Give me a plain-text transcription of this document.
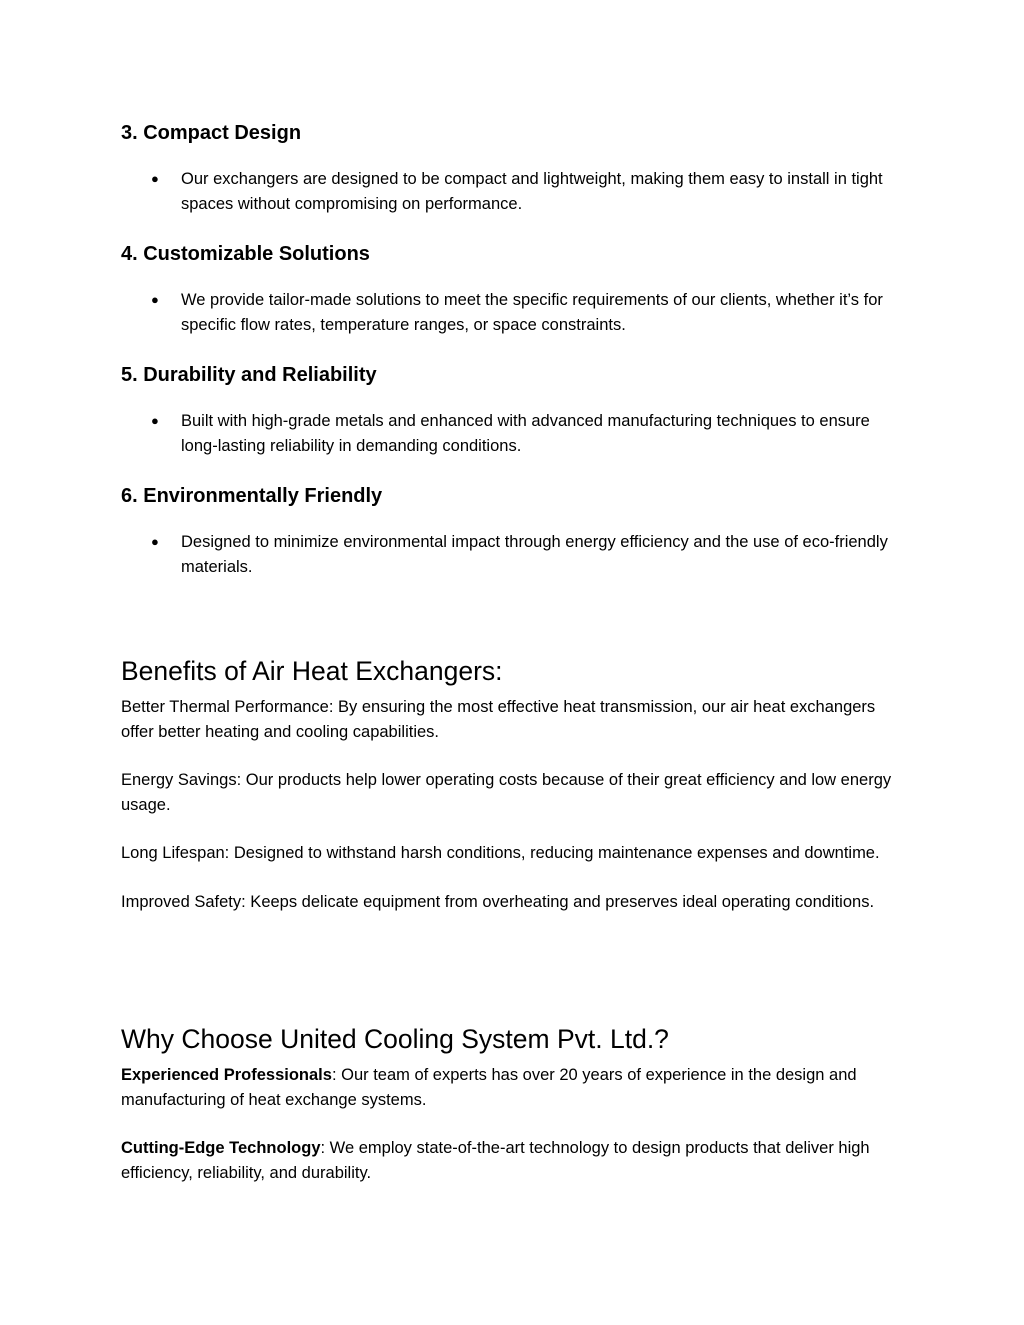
3. Compact Design
● Our exchangers are designed to be compact and lightweight, making them easy to install in tight spaces without compromising on performance.
4. Customizable Solutions
● We provide tailor-made solutions to meet the specific requirements of our clients, whether it’s for specific flow rates, temperature ranges, or space constraints.
5. Durability and Reliability
● Built with high-grade metals and enhanced with advanced manufacturing techniques to ensure long-lasting reliability in demanding conditions.
6. Environmentally Friendly
● Designed to minimize environmental impact through energy efficiency and the use of eco-friendly materials.
Benefits of Air Heat Exchangers:

Better Thermal Performance: By ensuring the most effective heat transmission, our air heat exchangers offer better heating and cooling capabilities.

Energy Savings: Our products help lower operating costs because of their great efficiency and low energy usage.

Long Lifespan: Designed to withstand harsh conditions, reducing maintenance expenses and downtime.

Improved Safety: Keeps delicate equipment from overheating and preserves ideal operating conditions.

Why Choose United Cooling System Pvt. Ltd.?

Experienced Professionals: Our team of experts has over 20 years of experience in the design and manufacturing of heat exchange systems.

Cutting-Edge Technology: We employ state-of-the-art technology to design products that deliver high efficiency, reliability, and durability.
